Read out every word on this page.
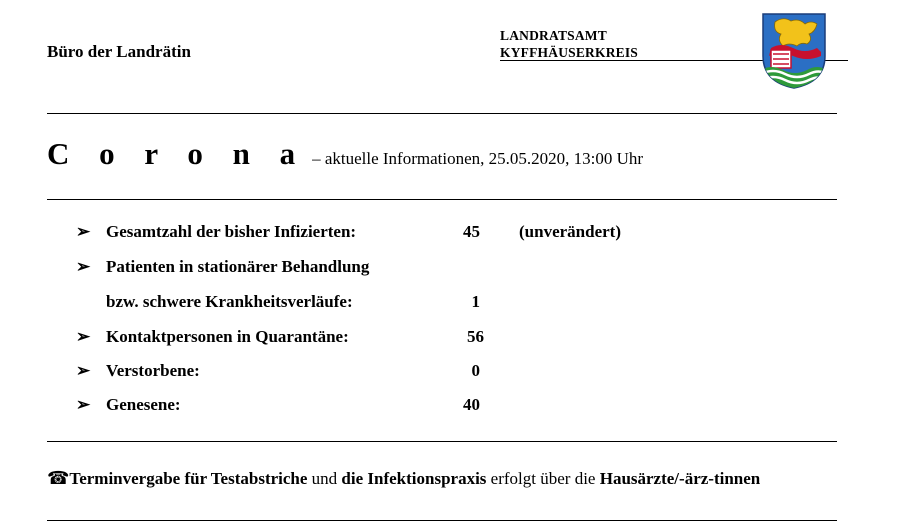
Büro der Landrätin
LANDRATSAMT
KYFFHÄUSERKREIS
C o r o n a – aktuelle Informationen, 25.05.2020, 13:00 Uhr
➢ Gesamtzahl der bisher Infizierten:	45 (unverändert)
➢ Patienten in stationärer Behandlung
bzw. schwere Krankheitsverläufe:	1
➢ Kontaktpersonen in Quarantäne:	56
➢ Verstorbene:	0
➢ Genesene:	40
☎Terminvergabe für Testabstriche und die Infektionspraxis erfolgt über die Hausärzte/-ärz-tinnen
